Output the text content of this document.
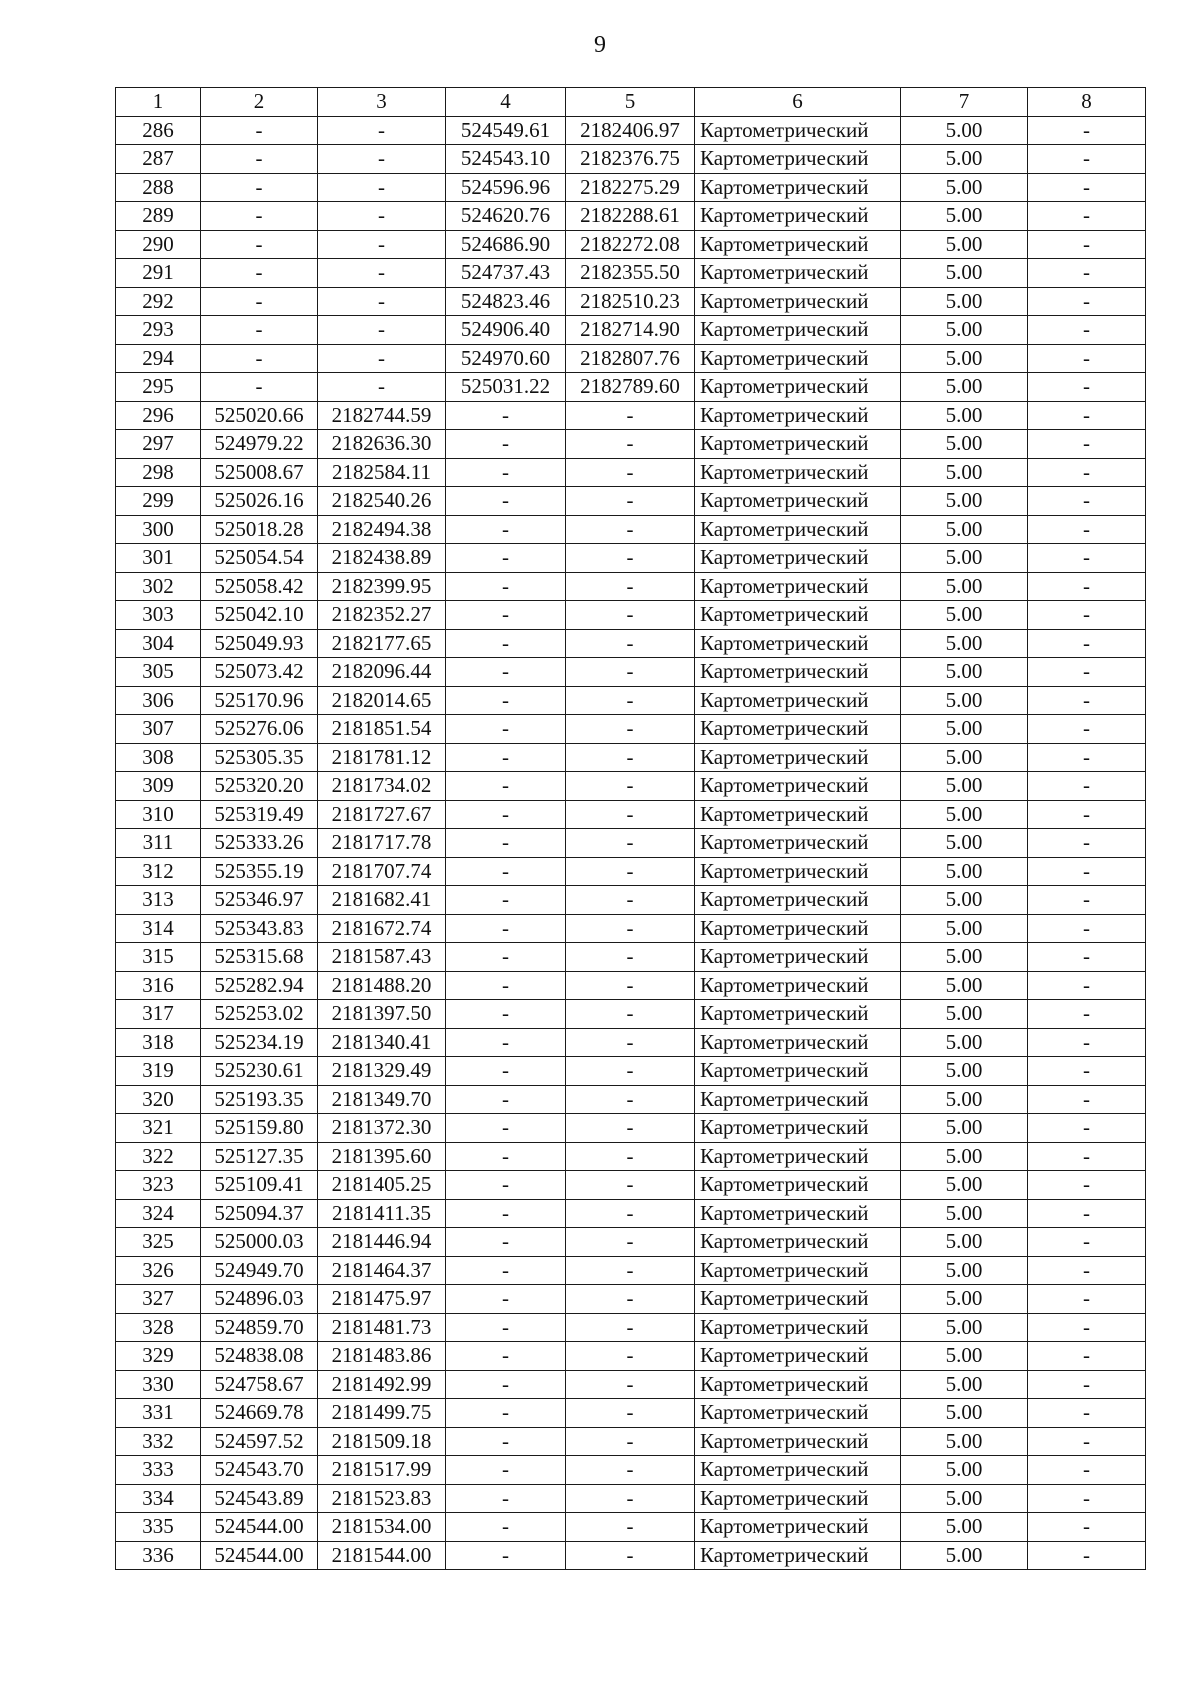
9
1	2	3	4	5	6	7	8
286	-	-	524549.61	2182406.97	Картометрический	5.00	-
287	-	-	524543.10	2182376.75	Картометрический	5.00	-
288	-	-	524596.96	2182275.29	Картометрический	5.00	-
289	-	-	524620.76	2182288.61	Картометрический	5.00	-
290	-	-	524686.90	2182272.08	Картометрический	5.00	-
291	-	-	524737.43	2182355.50	Картометрический	5.00	-
292	-	-	524823.46	2182510.23	Картометрический	5.00	-
293	-	-	524906.40	2182714.90	Картометрический	5.00	-
294	-	-	524970.60	2182807.76	Картометрический	5.00	-
295	-	-	525031.22	2182789.60	Картометрический	5.00	-
296	525020.66	2182744.59	-	-	Картометрический	5.00	-
297	524979.22	2182636.30	-	-	Картометрический	5.00	-
298	525008.67	2182584.11	-	-	Картометрический	5.00	-
299	525026.16	2182540.26	-	-	Картометрический	5.00	-
300	525018.28	2182494.38	-	-	Картометрический	5.00	-
301	525054.54	2182438.89	-	-	Картометрический	5.00	-
302	525058.42	2182399.95	-	-	Картометрический	5.00	-
303	525042.10	2182352.27	-	-	Картометрический	5.00	-
304	525049.93	2182177.65	-	-	Картометрический	5.00	-
305	525073.42	2182096.44	-	-	Картометрический	5.00	-
306	525170.96	2182014.65	-	-	Картометрический	5.00	-
307	525276.06	2181851.54	-	-	Картометрический	5.00	-
308	525305.35	2181781.12	-	-	Картометрический	5.00	-
309	525320.20	2181734.02	-	-	Картометрический	5.00	-
310	525319.49	2181727.67	-	-	Картометрический	5.00	-
311	525333.26	2181717.78	-	-	Картометрический	5.00	-
312	525355.19	2181707.74	-	-	Картометрический	5.00	-
313	525346.97	2181682.41	-	-	Картометрический	5.00	-
314	525343.83	2181672.74	-	-	Картометрический	5.00	-
315	525315.68	2181587.43	-	-	Картометрический	5.00	-
316	525282.94	2181488.20	-	-	Картометрический	5.00	-
317	525253.02	2181397.50	-	-	Картометрический	5.00	-
318	525234.19	2181340.41	-	-	Картометрический	5.00	-
319	525230.61	2181329.49	-	-	Картометрический	5.00	-
320	525193.35	2181349.70	-	-	Картометрический	5.00	-
321	525159.80	2181372.30	-	-	Картометрический	5.00	-
322	525127.35	2181395.60	-	-	Картометрический	5.00	-
323	525109.41	2181405.25	-	-	Картометрический	5.00	-
324	525094.37	2181411.35	-	-	Картометрический	5.00	-
325	525000.03	2181446.94	-	-	Картометрический	5.00	-
326	524949.70	2181464.37	-	-	Картометрический	5.00	-
327	524896.03	2181475.97	-	-	Картометрический	5.00	-
328	524859.70	2181481.73	-	-	Картометрический	5.00	-
329	524838.08	2181483.86	-	-	Картометрический	5.00	-
330	524758.67	2181492.99	-	-	Картометрический	5.00	-
331	524669.78	2181499.75	-	-	Картометрический	5.00	-
332	524597.52	2181509.18	-	-	Картометрический	5.00	-
333	524543.70	2181517.99	-	-	Картометрический	5.00	-
334	524543.89	2181523.83	-	-	Картометрический	5.00	-
335	524544.00	2181534.00	-	-	Картометрический	5.00	-
336	524544.00	2181544.00	-	-	Картометрический	5.00	-
